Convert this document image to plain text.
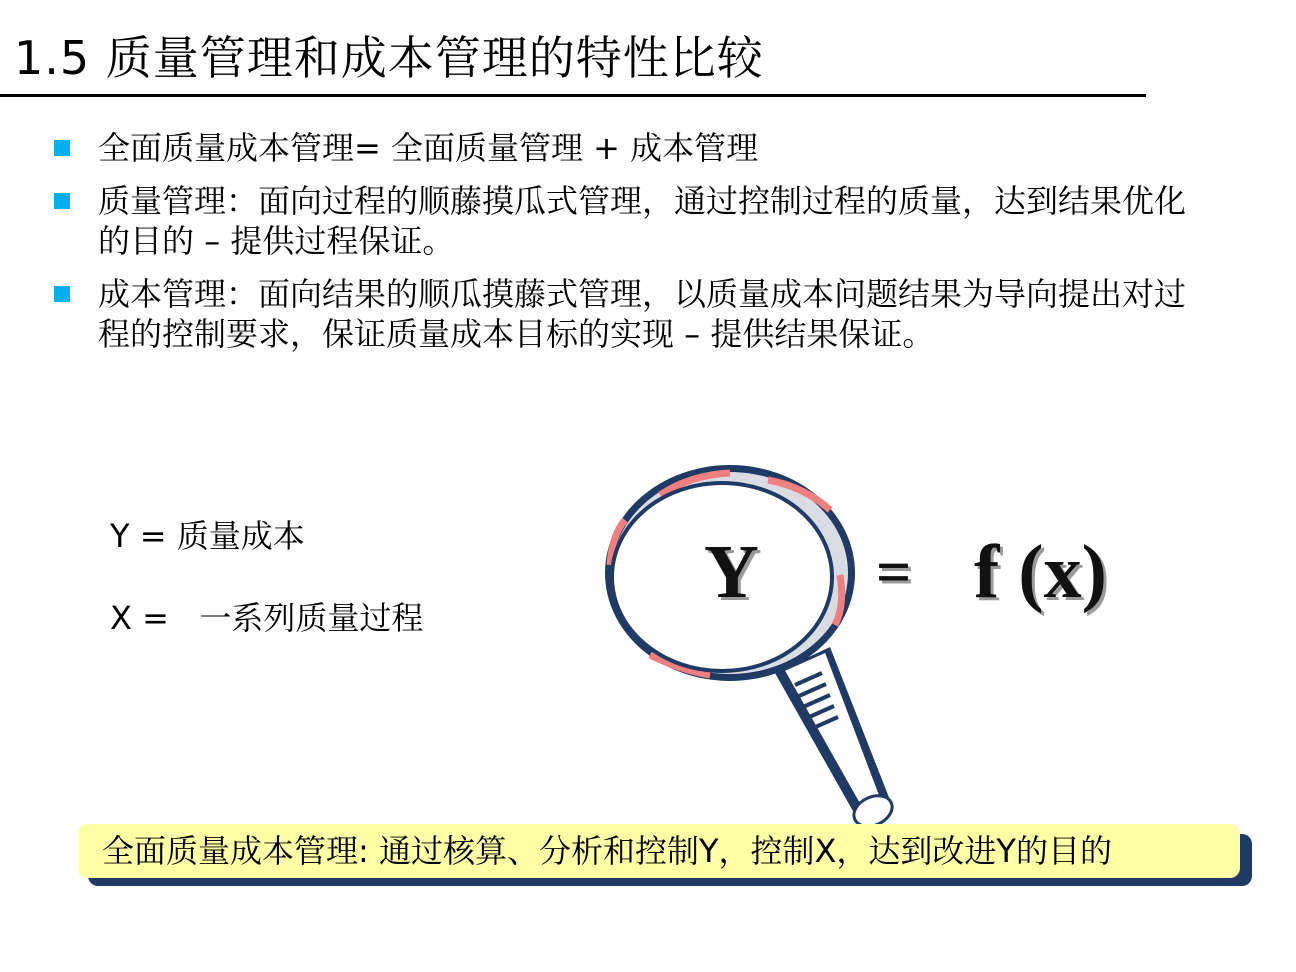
1.5 质量管理和成本管理的特性比较
全面质量成本管理= 全面质量管理 + 成本管理
质量管理：面向过程的顺藤摸瓜式管理，通过控制过程的质量，达到结果优化的目的 – 提供过程保证。
成本管理：面向结果的顺瓜摸藤式管理，以质量成本问题结果为导向提出对过程的控制要求，保证质量成本目标的实现 – 提供结果保证。
Y = 质量成本
X =   一系列质量过程
Y = f (x)
全面质量成本管理: 通过核算、分析和控制Y，控制X，达到改进Y的目的
